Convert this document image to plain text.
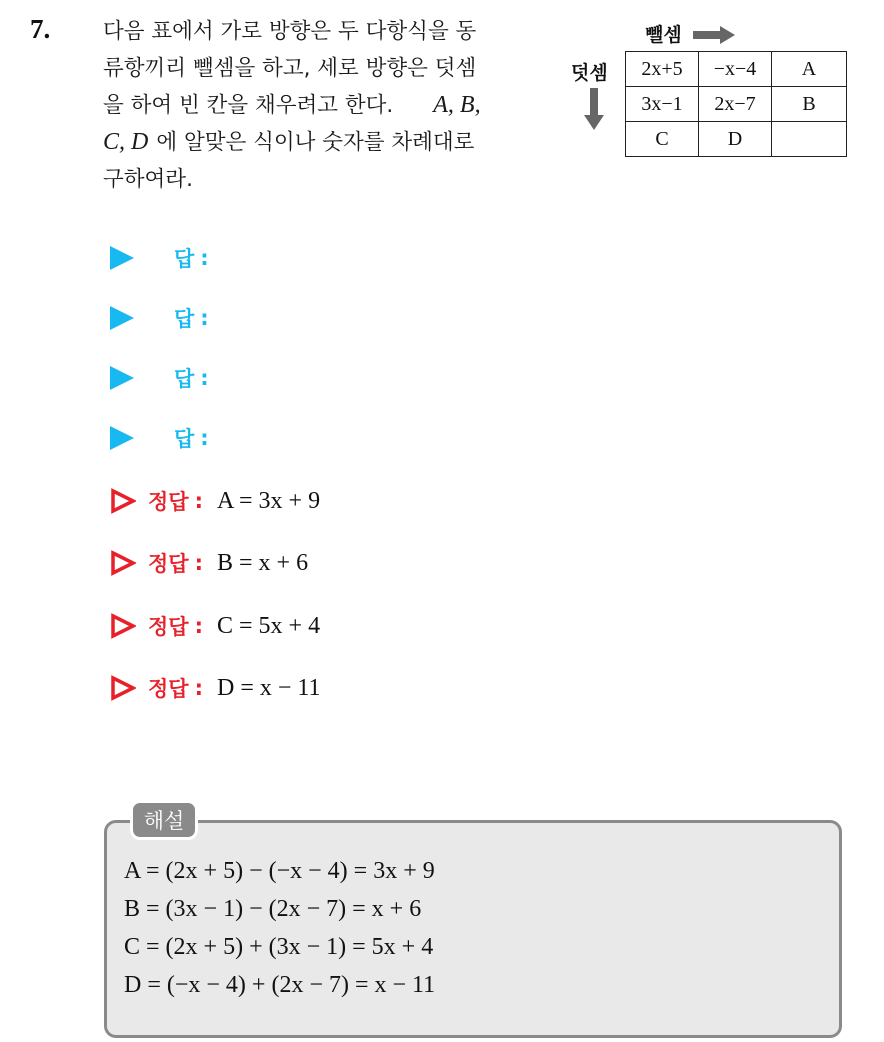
7. 다음 표에서 가로 방향은 두 다항식을 동
류항끼리 뺄셈을 하고, 세로 방향은 덧셈
을 하여 빈 칸을 채우려고 한다. A, B,
C, D 에 알맞은 식이나 숫자를 차례대로
구하여라.
뺄셈
덧셈 2x+5	−x−4	A
3x−1	2x−7	B
C	D	
답 :
답 :
답 :
답 :
정답 : A = 3x + 9
정답 : B = x + 6
정답 : C = 5x + 4
정답 : D = x − 11
해설
A = (2x + 5) − (−x − 4) = 3x + 9
B = (3x − 1) − (2x − 7) = x + 6
C = (2x + 5) + (3x − 1) = 5x + 4
D = (−x − 4) + (2x − 7) = x − 11
